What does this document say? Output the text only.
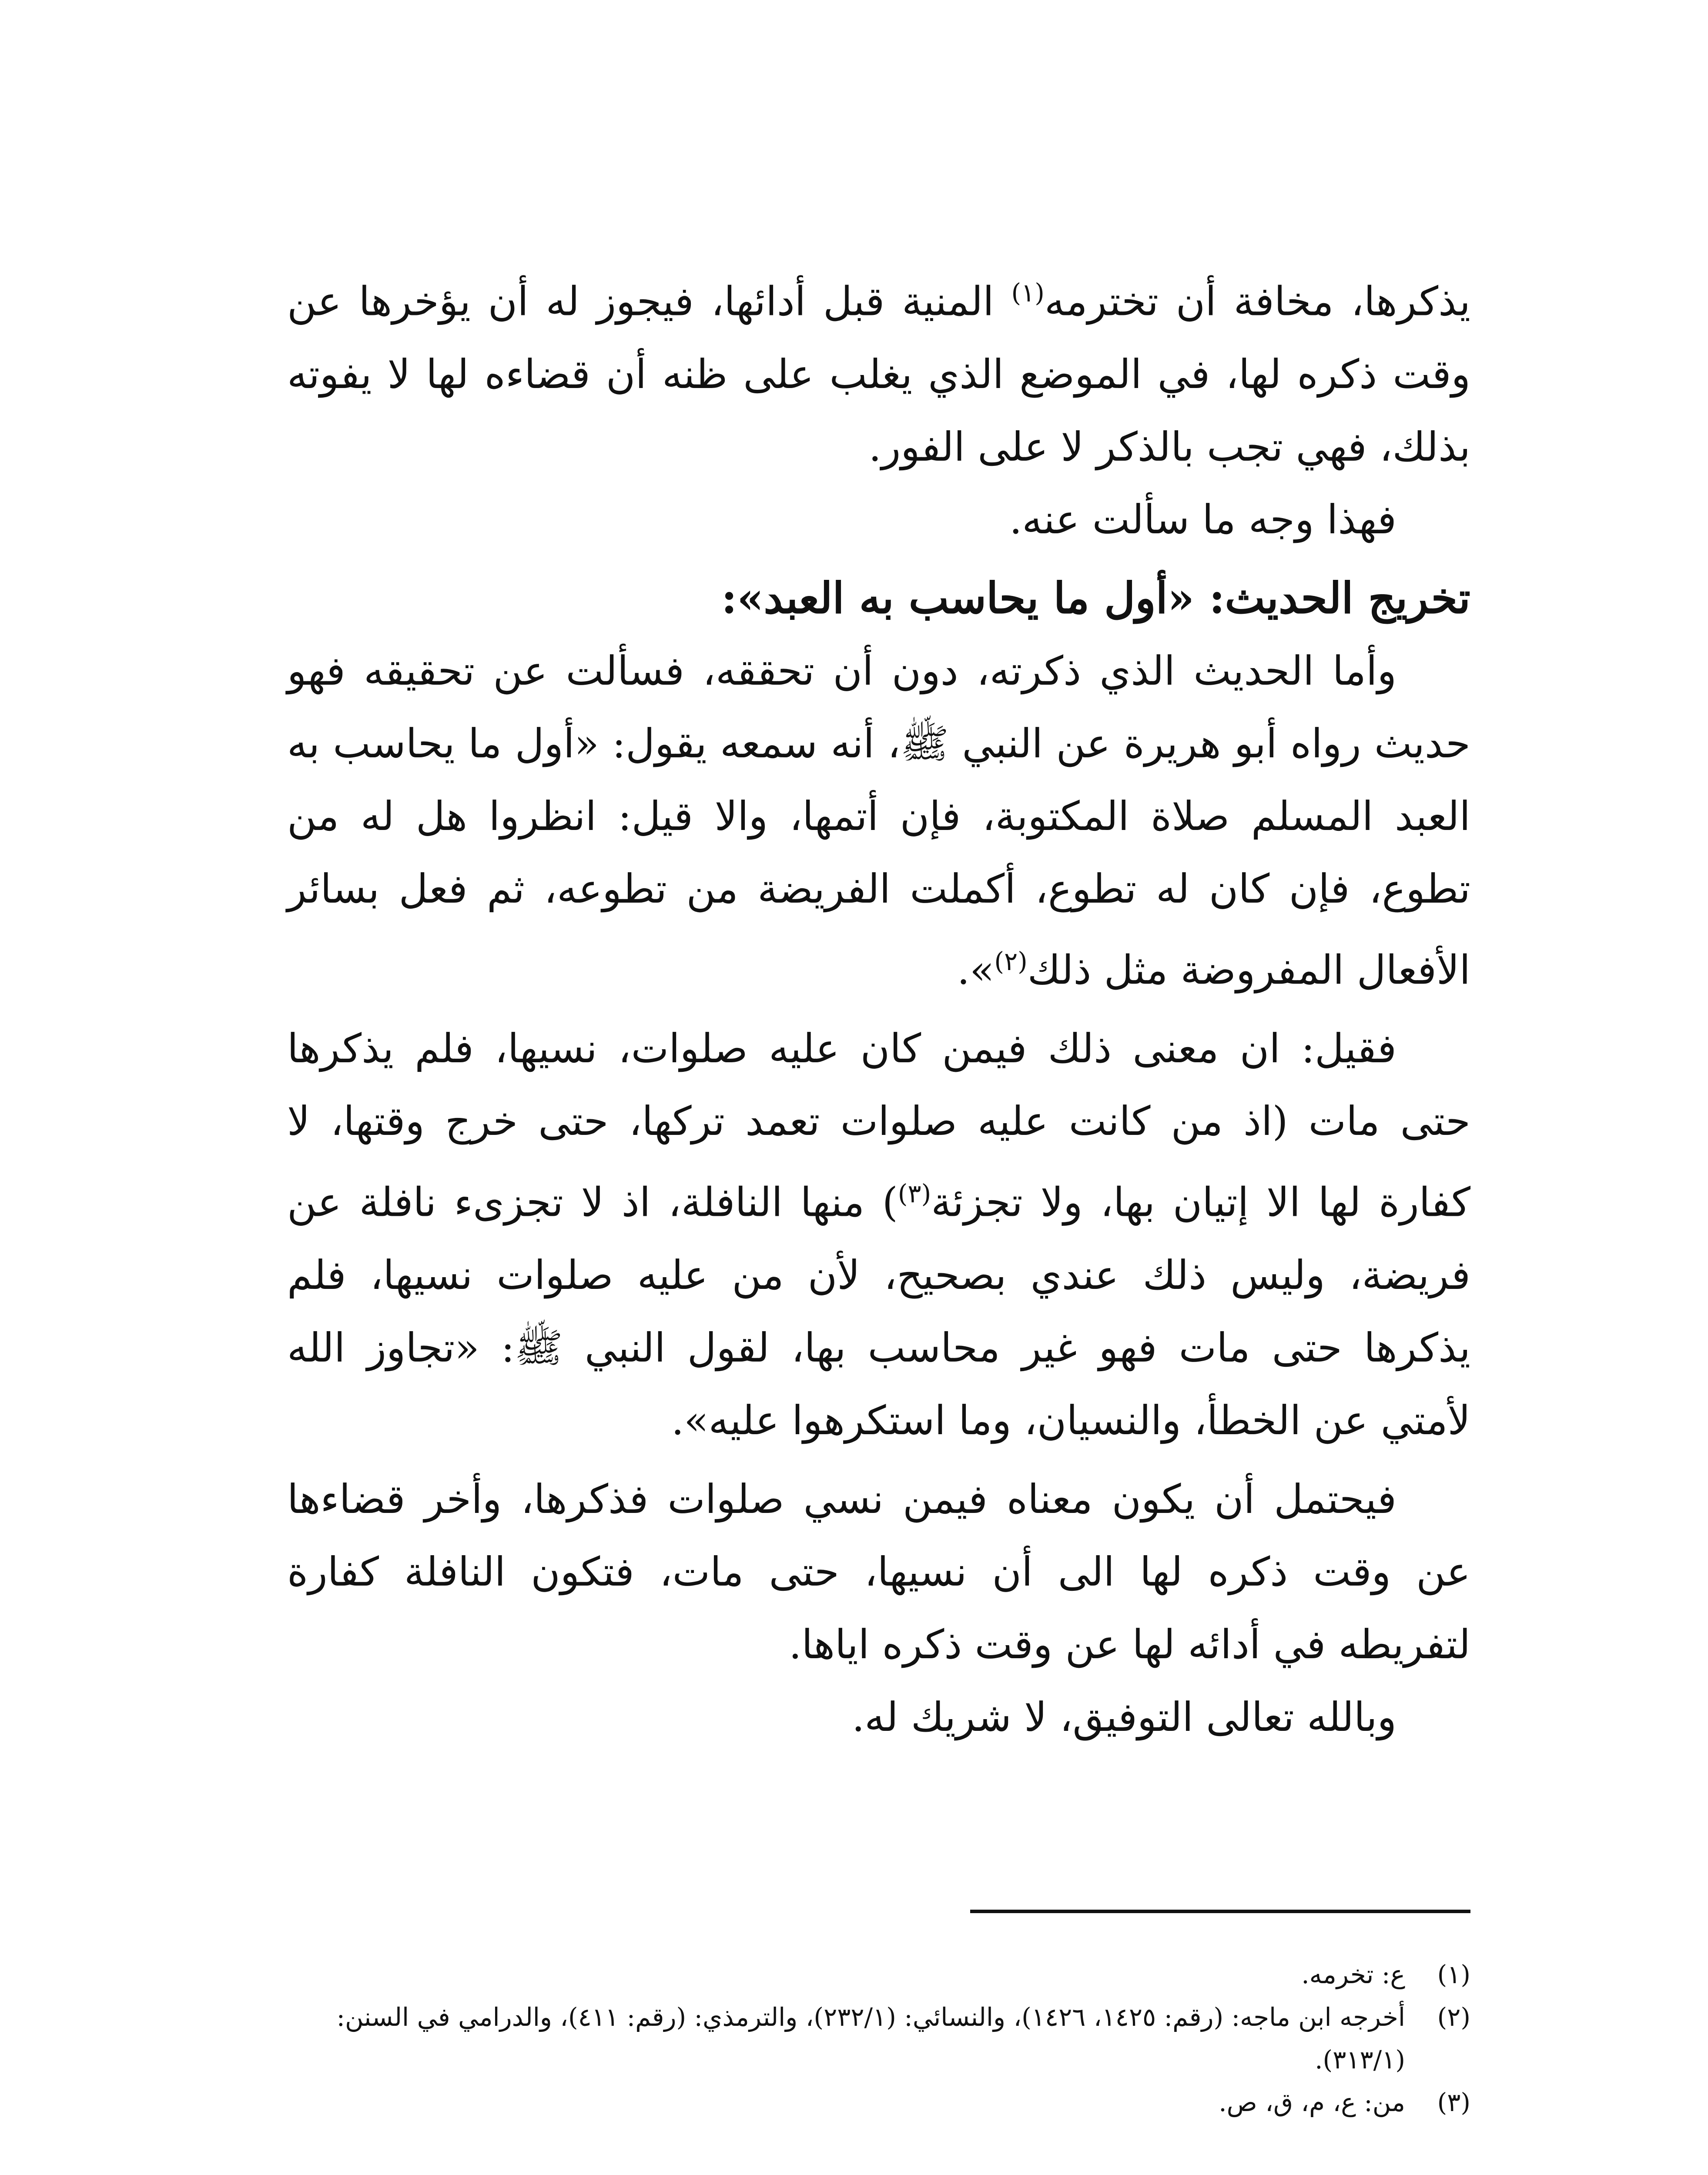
يذكرها، مخافة أن تخترمه$^{(١)}$ المنية قبل أدائها، فيجوز له أن يؤخرها عن وقت ذكره لها، في الموضع الذي يغلب على ظنه أن قضاءه لها لا يفوته بذلك، فهي تجب بالذكر لا على الفور.

فهذا وجه ما سألت عنه.

تخريج الحديث: «أول ما يحاسب به العبد»:

وأما الحديث الذي ذكرته، دون أن تحققه، فسألت عن تحقيقه فهو حديث رواه أبو هريرة عن النبي ﷺ، أنه سمعه يقول: «أول ما يحاسب به العبد المسلم صلاة المكتوبة، فإن أتمها، والا قيل: انظروا هل له من تطوع، فإن كان له تطوع، أكملت الفريضة من تطوعه، ثم فعل بسائر الأفعال المفروضة مثل ذلك$^{(٢)}$».

فقيل: ان معنى ذلك فيمن كان عليه صلوات، نسيها، فلم يذكرها حتى مات (اذ من كانت عليه صلوات تعمد تركها، حتى خرج وقتها، لا كفارة لها الا إتيان بها، ولا تجزئة$^{(٣)}$) منها النافلة، اذ لا تجزىء نافلة عن فريضة، وليس ذلك عندي بصحيح، لأن من عليه صلوات نسيها، فلم يذكرها حتى مات فهو غير محاسب بها، لقول النبي ﷺ: «تجاوز الله لأمتي عن الخطأ، والنسيان، وما استكرهوا عليه».

فيحتمل أن يكون معناه فيمن نسي صلوات فذكرها، وأخر قضاءها عن وقت ذكره لها الى أن نسيها، حتى مات، فتكون النافلة كفارة لتفريطه في أدائه لها عن وقت ذكره اياها.

وبالله تعالى التوفيق، لا شريك له.

(١)
ع: تخرمه.
(٢)
أخرجه ابن ماجه: (رقم: ١٤٢٥، ١٤٢٦)، والنسائي: (٢٣٢/١)، والترمذي: (رقم: ٤١١)، والدرامي في السنن: (٣١٣/١).
(٣)
من: ع، م، ق، ص.
